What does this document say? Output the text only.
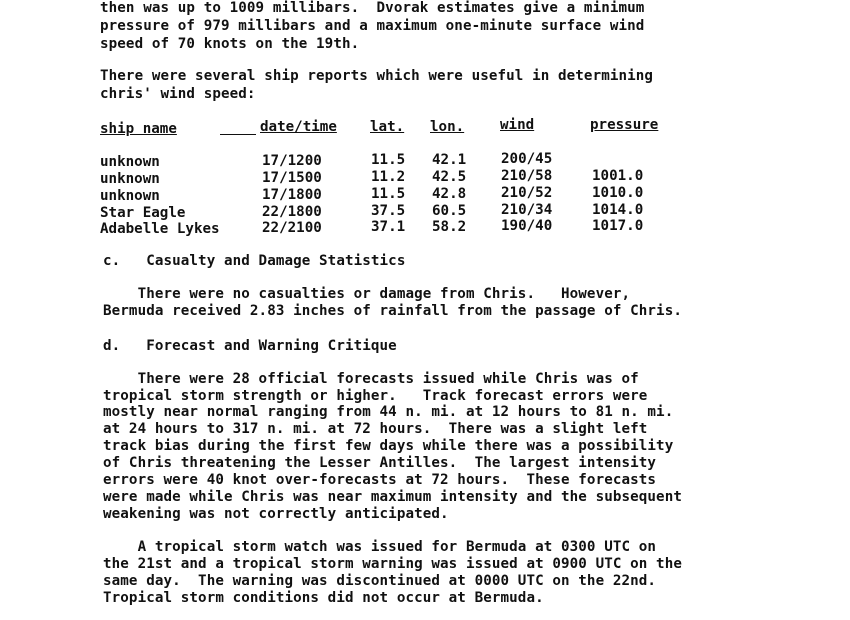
then was up to 1009 millibars.  Dvorak estimates give a minimum
pressure of 979 millibars and a maximum one-minute surface wind
speed of 70 knots on the 19th.
There were several ship reports which were useful in determining
chris' wind speed:
ship name	date/time lat. lon.	wind	pressure
unknown	17/1200	11.5 42.1 200/45
unknown	17/1500	11.2 42.5 210/58	1001.0
unknown	17/1800	11.5 42.8 210/52	1010.0
Star Eagle	22/1800	37.5 60.5 210/34	1014.0
Adabelle Lykes	22/2100	37.1 58.2 190/40	1017.0
c.   Casualty and Damage Statistics
There were no casualties or damage from Chris.   However,
Bermuda received 2.83 inches of rainfall from the passage of Chris.
d.   Forecast and Warning Critique
There were 28 official forecasts issued while Chris was of
tropical storm strength or higher.   Track forecast errors were
mostly near normal ranging from 44 n. mi. at 12 hours to 81 n. mi.
at 24 hours to 317 n. mi. at 72 hours.  There was a slight left
track bias during the first few days while there was a possibility
of Chris threatening the Lesser Antilles.  The largest intensity
errors were 40 knot over-forecasts at 72 hours.  These forecasts
were made while Chris was near maximum intensity and the subsequent
weakening was not correctly anticipated.
A tropical storm watch was issued for Bermuda at 0300 UTC on
the 21st and a tropical storm warning was issued at 0900 UTC on the
same day.  The warning was discontinued at 0000 UTC on the 22nd.
Tropical storm conditions did not occur at Bermuda.
